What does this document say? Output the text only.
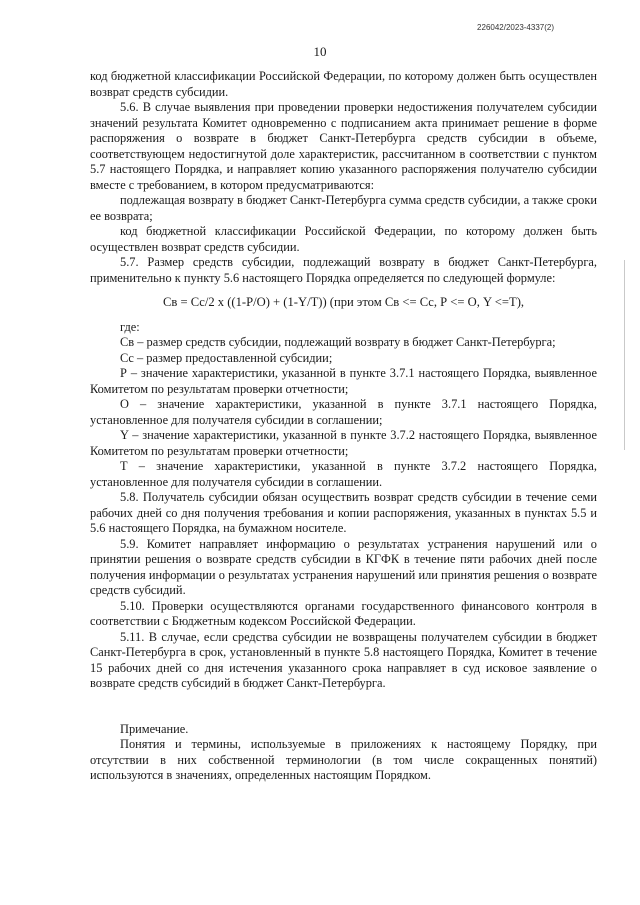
226042/2023-4337(2)
10

код бюджетной классификации Российской Федерации, по которому должен быть осуществлен возврат средств субсидии.

5.6. В случае выявления при проведении проверки недостижения получателем субсидии значений результата Комитет одновременно с подписанием акта принимает решение в форме распоряжения о возврате в бюджет Санкт-Петербурга средств субсидии в объеме, соответствующем недостигнутой доле характеристик, рассчитанном в соответствии с пунктом 5.7 настоящего Порядка, и направляет копию указанного распоряжения получателю субсидии вместе с требованием, в котором предусматриваются:

подлежащая возврату в бюджет Санкт-Петербурга сумма средств субсидии, а также сроки ее возврата;

код бюджетной классификации Российской Федерации, по которому должен быть осуществлен возврат средств субсидии.

5.7. Размер средств субсидии, подлежащий возврату в бюджет Санкт-Петербурга, применительно к пункту 5.6 настоящего Порядка определяется по следующей формуле:

Св = Сс/2 х ((1-Р/О) + (1-Y/Т)) (при этом Св <= Сс, Р <= О, Y <=Т),

где:

Св – размер средств субсидии, подлежащий возврату в бюджет Санкт-Петербурга;

Сс – размер предоставленной субсидии;

Р – значение характеристики, указанной в пункте 3.7.1 настоящего Порядка, выявленное Комитетом по результатам проверки отчетности;

О – значение характеристики, указанной в пункте 3.7.1 настоящего Порядка, установленное для получателя субсидии в соглашении;

Y – значение характеристики, указанной в пункте 3.7.2 настоящего Порядка, выявленное Комитетом по результатам проверки отчетности;

Т – значение характеристики, указанной в пункте 3.7.2 настоящего Порядка, установленное для получателя субсидии в соглашении.

5.8. Получатель субсидии обязан осуществить возврат средств субсидии в течение семи рабочих дней со дня получения требования и копии распоряжения, указанных в пунктах 5.5 и 5.6 настоящего Порядка, на бумажном носителе.

5.9. Комитет направляет информацию о результатах устранения нарушений или о принятии решения о возврате средств субсидии в КГФК в течение пяти рабочих дней после получения информации о результатах устранения нарушений или принятия решения о возврате средств субсидий.

5.10. Проверки осуществляются органами государственного финансового контроля в соответствии с Бюджетным кодексом Российской Федерации.

5.11. В случае, если средства субсидии не возвращены получателем субсидии в бюджет Санкт-Петербурга в срок, установленный в пункте 5.8 настоящего Порядка, Комитет в течение 15 рабочих дней со дня истечения указанного срока направляет в суд исковое заявление о возврате средств субсидий в бюджет Санкт-Петербурга.

Примечание.

Понятия и термины, используемые в приложениях к настоящему Порядку, при отсутствии в них собственной терминологии (в том числе сокращенных понятий) используются в значениях, определенных настоящим Порядком.
